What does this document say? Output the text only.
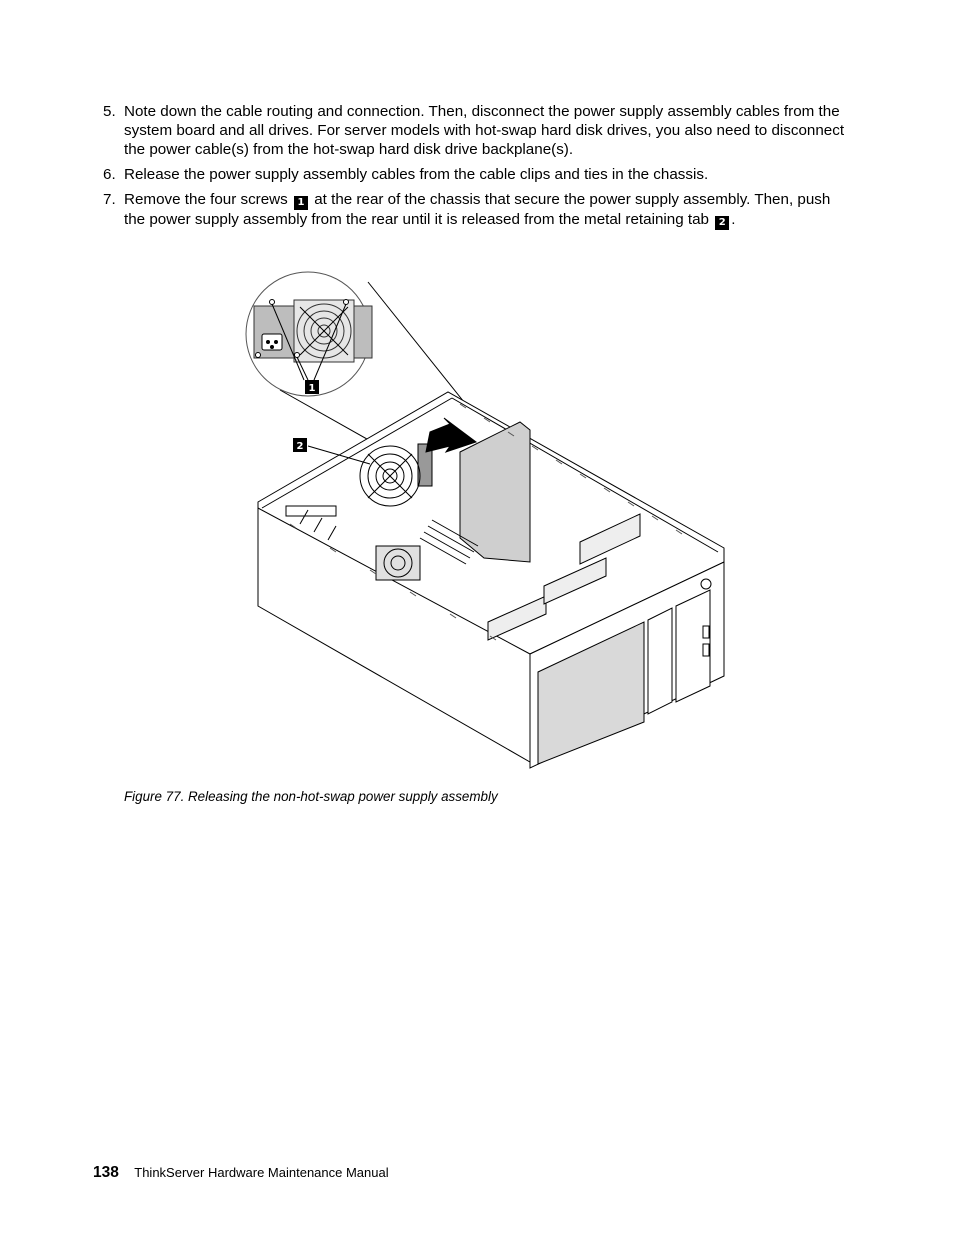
5. Note down the cable routing and connection. Then, disconnect the power supply assembly cables from the system board and all drives. For server models with hot-swap hard disk drives, you also need to disconnect the power cable(s) from the hot-swap hard disk drive backplane(s).
6. Release the power supply assembly cables from the cable clips and ties in the chassis.
7. Remove the four screws 1 at the rear of the chassis that secure the power supply assembly. Then, push the power supply assembly from the rear until it is released from the metal retaining tab 2 .
1
2
Figure 77. Releasing the non-hot-swap power supply assembly
138 ThinkServer Hardware Maintenance Manual
